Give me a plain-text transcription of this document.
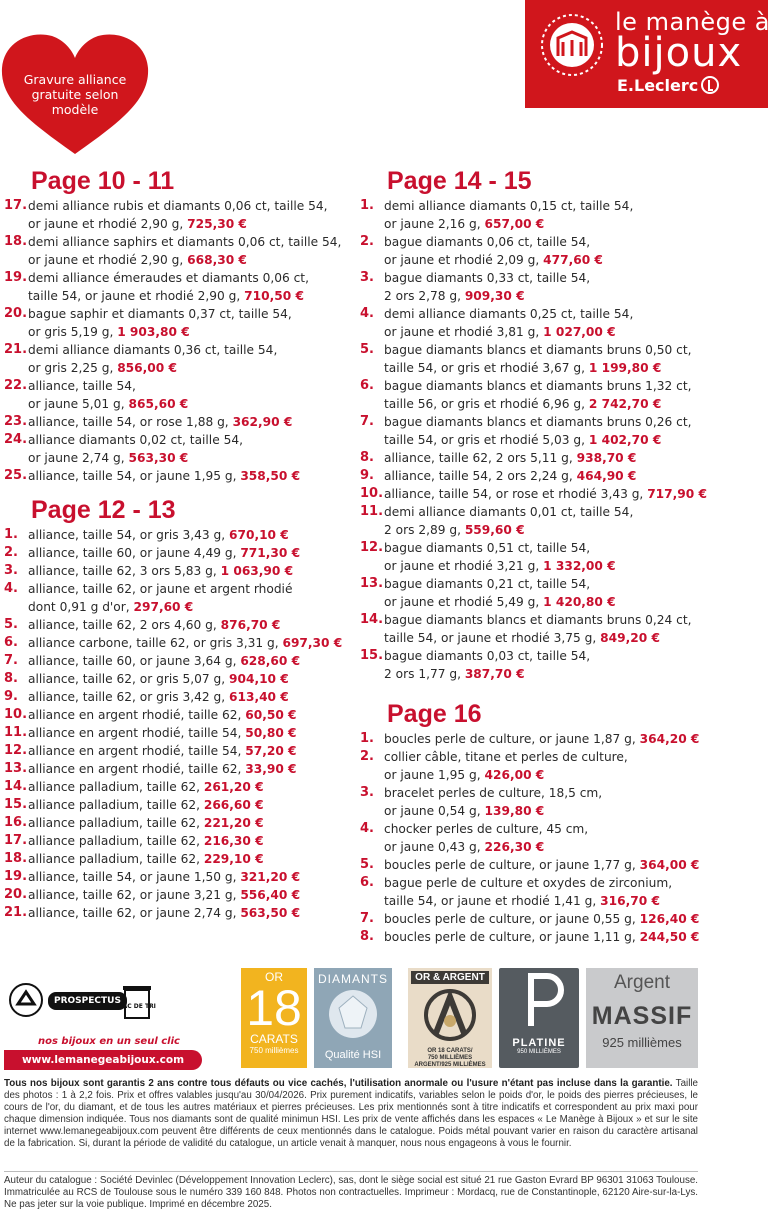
Gravure alliance
gratuite selon
modèle
le manège à
bijoux
E.Leclerc
Page 10 - 11
17. demi alliance rubis et diamants 0,06 ct, taille 54,
or jaune et rhodié 2,90 g, 725,30 €
18. demi alliance saphirs et diamants 0,06 ct, taille 54,
or jaune et rhodié 2,90 g, 668,30 €
19. demi alliance émeraudes et diamants 0,06 ct,
taille 54, or jaune et rhodié 2,90 g, 710,50 €
20. bague saphir et diamants 0,37 ct, taille 54,
or gris 5,19 g, 1 903,80 €
21. demi alliance diamants 0,36 ct, taille 54,
or gris 2,25 g, 856,00 €
22. alliance, taille 54,
or jaune 5,01 g, 865,60 €
23. alliance, taille 54, or rose 1,88 g, 362,90 €
24. alliance diamants 0,02 ct, taille 54,
or jaune 2,74 g, 563,30 €
25. alliance, taille 54, or jaune 1,95 g, 358,50 €
Page 12 - 13
1. alliance, taille 54, or gris 3,43 g, 670,10 €
2. alliance, taille 60, or jaune 4,49 g, 771,30 €
3. alliance, taille 62, 3 ors 5,83 g, 1 063,90 €
4. alliance, taille 62, or jaune et argent rhodié
dont 0,91 g d'or, 297,60 €
5. alliance, taille 62, 2 ors 4,60 g, 876,70 €
6. alliance carbone, taille 62, or gris 3,31 g, 697,30 €
7. alliance, taille 60, or jaune 3,64 g, 628,60 €
8. alliance, taille 62, or gris 5,07 g, 904,10 €
9. alliance, taille 62, or gris 3,42 g, 613,40 €
10. alliance en argent rhodié, taille 62, 60,50 €
11. alliance en argent rhodié, taille 54, 50,80 €
12. alliance en argent rhodié, taille 54, 57,20 €
13. alliance en argent rhodié, taille 62, 33,90 €
14. alliance palladium, taille 62, 261,20 €
15. alliance palladium, taille 62, 266,60 €
16. alliance palladium, taille 62, 221,20 €
17. alliance palladium, taille 62, 216,30 €
18. alliance palladium, taille 62, 229,10 €
19. alliance, taille 54, or jaune 1,50 g, 321,20 €
20. alliance, taille 62, or jaune 3,21 g, 556,40 €
21. alliance, taille 62, or jaune 2,74 g, 563,50 €
Page 14 - 15
1. demi alliance diamants 0,15 ct, taille 54,
or jaune 2,16 g, 657,00 €
2. bague diamants 0,06 ct, taille 54,
or jaune et rhodié 2,09 g, 477,60 €
3. bague diamants 0,33 ct, taille 54,
2 ors 2,78 g, 909,30 €
4. demi alliance diamants 0,25 ct, taille 54,
or jaune et rhodié 3,81 g, 1 027,00 €
5. bague diamants blancs et diamants bruns 0,50 ct,
taille 54, or gris et rhodié 3,67 g, 1 199,80 €
6. bague diamants blancs et diamants bruns 1,32 ct,
taille 56, or gris et rhodié 6,96 g, 2 742,70 €
7. bague diamants blancs et diamants bruns 0,26 ct,
taille 54, or gris et rhodié 5,03 g, 1 402,70 €
8. alliance, taille 62, 2 ors 5,11 g, 938,70 €
9. alliance, taille 54, 2 ors 2,24 g, 464,90 €
10. alliance, taille 54, or rose et rhodié 3,43 g, 717,90 €
11. demi alliance diamants 0,01 ct, taille 54,
2 ors 2,89 g, 559,60 €
12. bague diamants 0,51 ct, taille 54,
or jaune et rhodié 3,21 g, 1 332,00 €
13. bague diamants 0,21 ct, taille 54,
or jaune et rhodié 5,49 g, 1 420,80 €
14. bague diamants blancs et diamants bruns 0,24 ct,
taille 54, or jaune et rhodié 3,75 g, 849,20 €
15. bague diamants 0,03 ct, taille 54,
2 ors 1,77 g, 387,70 €
Page 16
1. boucles perle de culture, or jaune 1,87 g, 364,20 €
2. collier câble, titane et perles de culture,
or jaune 1,95 g, 426,00 €
3. bracelet perles de culture, 18,5 cm,
or jaune 0,54 g, 139,80 €
4. chocker perles de culture, 45 cm,
or jaune 0,43 g, 226,30 €
5. boucles perle de culture, or jaune 1,77 g, 364,00 €
6. bague perle de culture et oxydes de zirconium,
taille 54, or jaune et rhodié 1,41 g, 316,70 €
7. boucles perle de culture, or jaune 0,55 g, 126,40 €
8. boucles perle de culture, or jaune 1,11 g, 244,50 €
PROSPECTUS
BAC DE TRI
nos bijoux en un seul clic
www.lemanegeabijoux.com
OR
18
CARATS
750 millièmes
DIAMANTS
Qualité HSI
OR & ARGENT
OR 18 CARATS/
750 MILLIÈMES
ARGENT/925 MILLIÈMES
PLATINE
950 MILLIÈMES
Argent
MASSIF
925 millièmes
Tous nos bijoux sont garantis 2 ans contre tous défauts ou vice cachés, l'utilisation anormale ou l'usure n'étant pas incluse dans la garantie. Taille des photos : 1 à 2,2 fois. Prix et offres valables jusqu'au 30/04/2026. Prix purement indicatifs, variables selon le poids d'or, le poids des pierres précieuses, le cours de l'or, du diamant, et de tous les autres matériaux et pierres précieuses. Les prix mentionnés sont à titre indicatifs et correspondent au prix maxi pour chaque dimension indiquée. Tous nos diamants sont de qualité minimun HSI. Les prix de vente affichés dans les espaces « Le Manège à Bijoux » et sur le site internet www.lemanegeabijoux.com peuvent être différents de ceux mentionnés dans le catalogue. Poids métal pouvant varier en raison du caractère artisanal de la fabrication. Si, durant la période de validité du catalogue, un article venait à manquer, nous nous engageons à vous le fournir.
Auteur du catalogue : Société Devinlec (Développement Innovation Leclerc), sas, dont le siège social est situé 21 rue Gaston Evrard BP 96301 31063 Toulouse. Immatriculée au RCS de Toulouse sous le numéro 339 160 848. Photos non contractuelles. Imprimeur : Mordacq, rue de Constantinople, 62120 Aire-sur-la-Lys. Ne pas jeter sur la voie publique. Imprimé en décembre 2025.
